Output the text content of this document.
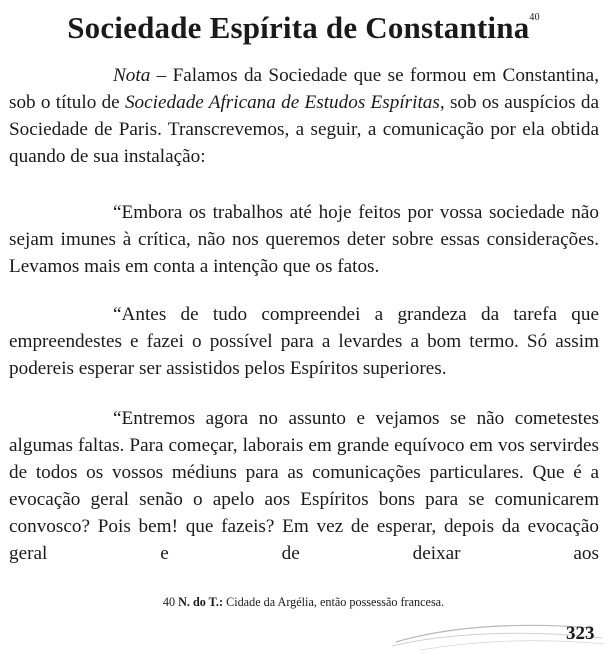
Sociedade Espírita de Constantina$^{40}$
Nota – Falamos da Sociedade que se formou em Constantina, sob o título de Sociedade Africana de Estudos Espíritas, sob os auspícios da Sociedade de Paris. Transcrevemos, a seguir, a comunicação por ela obtida quando de sua instalação:
“Embora os trabalhos até hoje feitos por vossa sociedade não sejam imunes à crítica, não nos queremos deter sobre essas considerações. Levamos mais em conta a intenção que os fatos.
“Antes de tudo compreendei a grandeza da tarefa que empreendestes e fazei o possível para a levardes a bom termo. Só assim podereis esperar ser assistidos pelos Espíritos superiores.
“Entremos agora no assunto e vejamos se não cometestes algumas faltas. Para começar, laborais em grande equívoco em vos servirdes de todos os vossos médiuns para as comunicações particulares. Que é a evocação geral senão o apelo aos Espíritos bons para se comunicarem convosco? Pois bem! que fazeis? Em vez de esperar, depois da evocação geral e de deixar aos
40 N. do T.: Cidade da Argélia, então possessão francesa.
323
